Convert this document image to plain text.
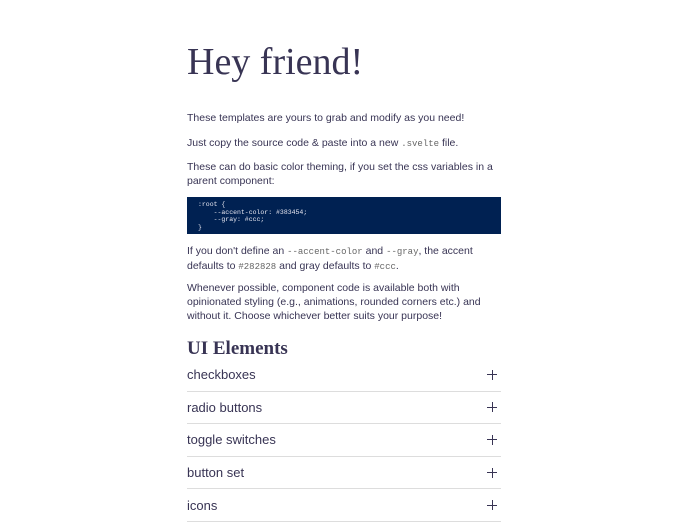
Hey friend!

These templates are yours to grab and modify as you need!

Just copy the source code & paste into a new .svelte file.

These can do basic color theming, if you set the css variables in a parent component:

:root {
--accent-color: #383454;
--gray: #ccc;
}

If you don't define an --accent-color and --gray, the accent defaults to #282828 and gray defaults to #ccc.

Whenever possible, component code is available both with opinionated styling (e.g., animations, rounded corners etc.) and without it. Choose whichever better suits your purpose!

UI Elements
checkboxes
radio buttons
toggle switches
button set
icons
